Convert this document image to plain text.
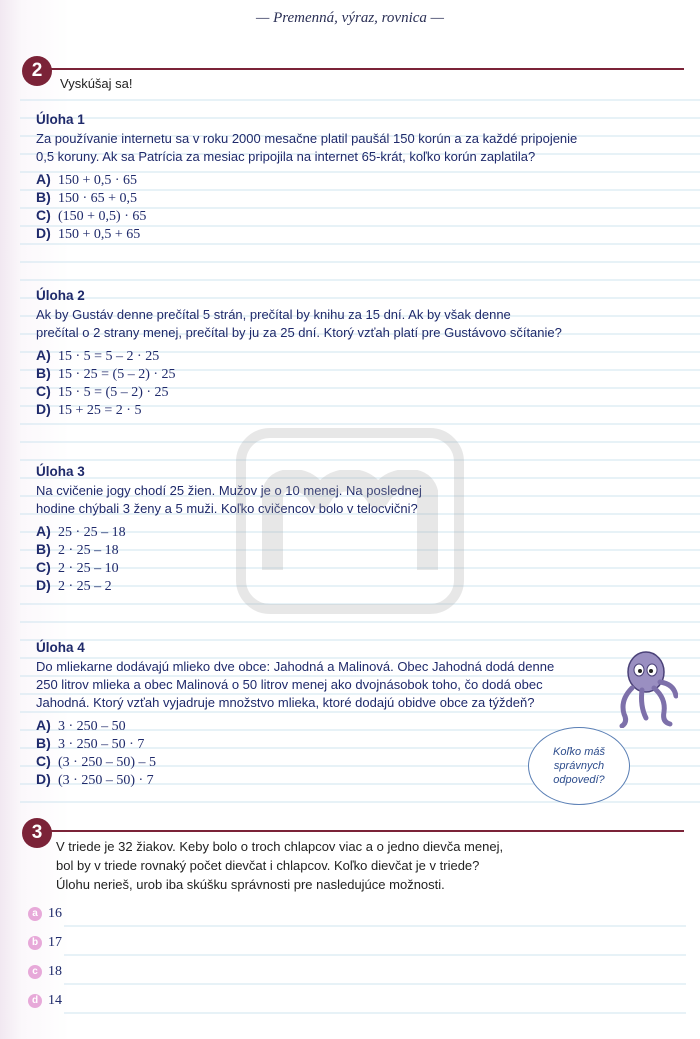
— Premenná, výraz, rovnica —
2
Vyskúšaj sa!

Úloha 1

Za používanie internetu sa v roku 2000 mesačne platil paušál 150 korún a za každé pripojenie

0,5 koruny. Ak sa Patrícia za mesiac pripojila na internet 65-krát, koľko korún zaplatila?

A) 150 + 0,5 · 65
B) 150 · 65 + 0,5
C) (150 + 0,5) · 65
D) 150 + 0,5 + 65

Úloha 2

Ak by Gustáv denne prečítal 5 strán, prečítal by knihu za 15 dní. Ak by však denne

prečítal o 2 strany menej, prečítal by ju za 25 dní. Ktorý vzťah platí pre Gustávovo sčítanie?

A) 15 · 5 = 5 – 2 · 25
B) 15 · 25 = (5 – 2) · 25
C) 15 · 5 = (5 – 2) · 25
D) 15 + 25 = 2 · 5

Úloha 3

Na cvičenie jogy chodí 25 žien. Mužov je o 10 menej. Na poslednej

hodine chýbali 3 ženy a 5 muži. Koľko cvičencov bolo v telocvični?

A) 25 · 25 – 18
B) 2 · 25 – 18
C) 2 · 25 – 10
D) 2 · 25 – 2

Úloha 4

Do mliekarne dodávajú mlieko dve obce: Jahodná a Malinová. Obec Jahodná dodá denne

250 litrov mlieka a obec Malinová o 50 litrov menej ako dvojnásobok toho, čo dodá obec

Jahodná. Ktorý vzťah vyjadruje množstvo mlieka, ktoré dodajú obidve obce za týždeň?

A) 3 · 250 – 50
B) 3 · 250 – 50 · 7
C) (3 · 250 – 50) – 5
D) (3 · 250 – 50) · 7
Koľko máš
správnych
odpovedí?
3
V triede je 32 žiakov. Keby bolo o troch chlapcov viac a o jedno dievča menej,
bol by v triede rovnaký počet dievčat i chlapcov. Koľko dievčat je v triede?
Úlohu nerieš, urob iba skúšku správnosti pre nasledujúce možnosti.
a 16
b 17
c 18
d 14
